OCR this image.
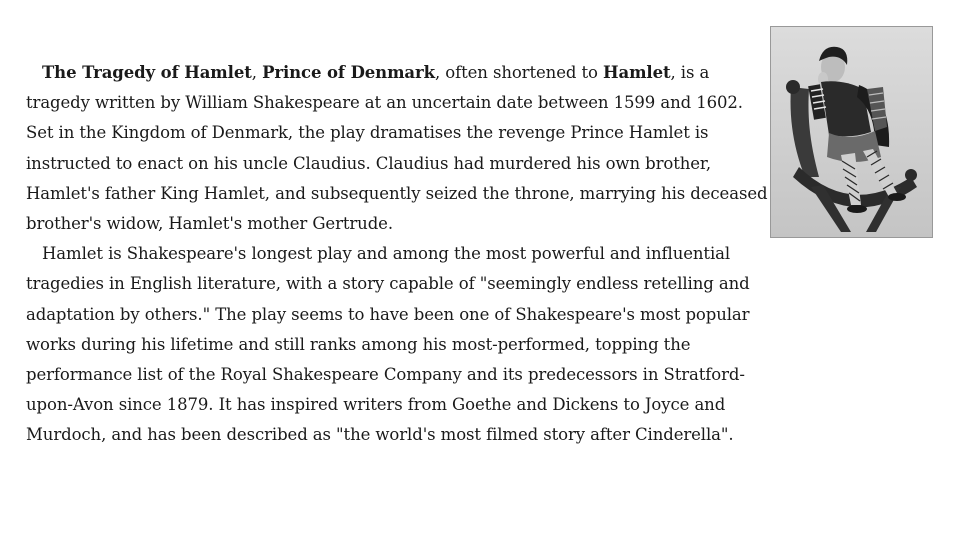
The Tragedy of Hamlet, Prince of Denmark, often shortened to Hamlet, is a tragedy written by William Shakespeare at an uncertain date between 1599 and 1602. Set in the Kingdom of Denmark, the play dramatises the revenge Prince Hamlet is instructed to enact on his uncle Claudius. Claudius had murdered his own brother, Hamlet's father King Hamlet, and subsequently seized the throne, marrying his deceased brother's widow, Hamlet's mother Gertrude.

Hamlet is Shakespeare's longest play and among the most powerful and influential tragedies in English literature, with a story capable of "seemingly endless retelling and adaptation by others." The play seems to have been one of Shakespeare's most popular works during his lifetime and still ranks among his most-performed, topping the performance list of the Royal Shakespeare Company and its predecessors in Stratford-upon-Avon since 1879. It has inspired writers from Goethe and Dickens to Joyce and Murdoch, and has been described as "the world's most filmed story after Cinderella".
